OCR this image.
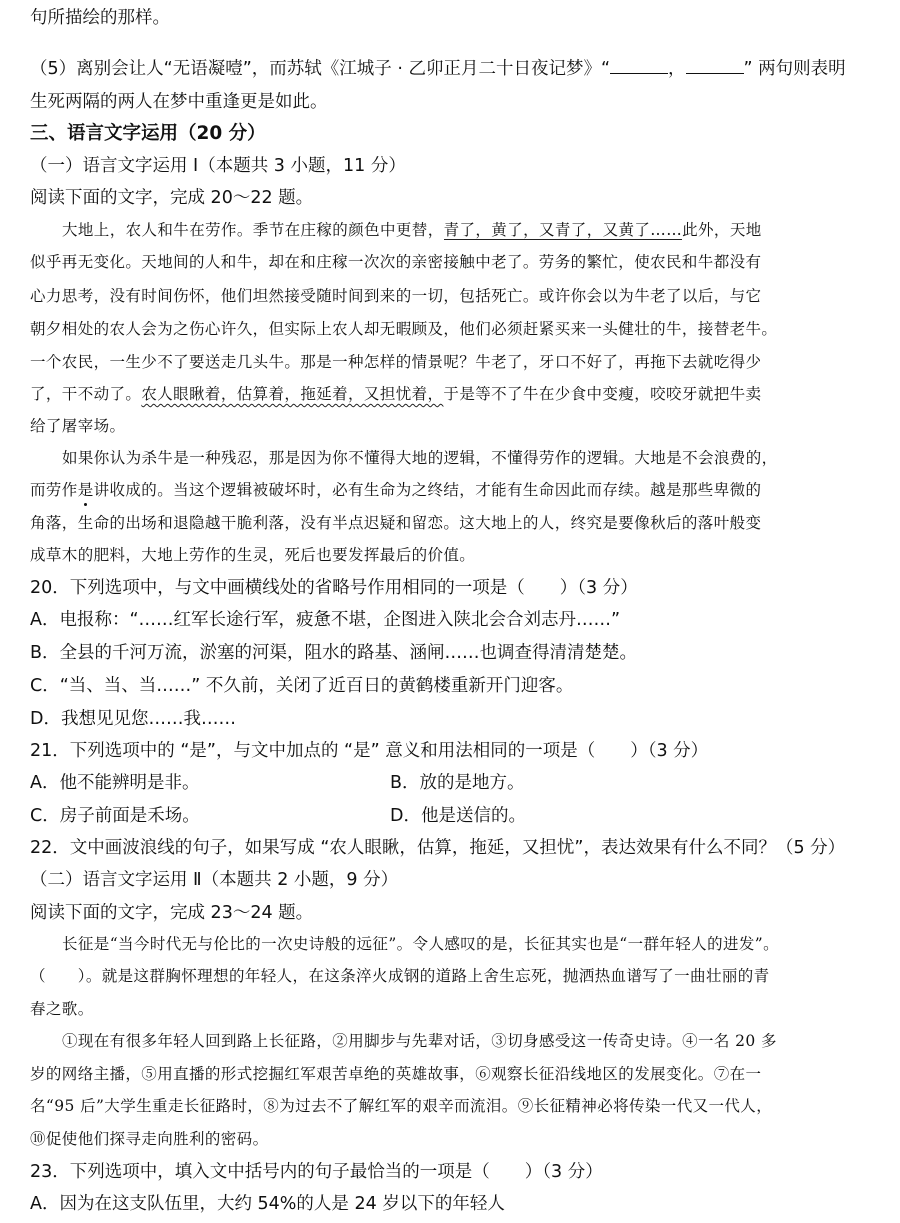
句所描绘的那样。
（5）离别会让人“无语凝噎”，而苏轼《江城子 · 乙卯正月二十日夜记梦》“	，	” 两句则表明
生死两隔的两人在梦中重逢更是如此。
三、语言文字运用（20 分）
（一）语言文字运用 Ⅰ（本题共 3 小题，11 分）
阅读下面的文字，完成 20～22 题。
大地上，农人和牛在劳作。季节在庄稼的颜色中更替，青了，黄了，又青了，又黄了……此外，天地
似乎再无变化。天地间的人和牛，却在和庄稼一次次的亲密接触中老了。劳务的繁忙，使农民和牛都没有
心力思考，没有时间伤怀，他们坦然接受随时间到来的一切，包括死亡。或许你会以为牛老了以后，与它
朝夕相处的农人会为之伤心许久，但实际上农人却无暇顾及，他们必须赶紧买来一头健壮的牛，接替老牛。
一个农民，一生少不了要送走几头牛。那是一种怎样的情景呢？牛老了，牙口不好了，再拖下去就吃得少
了，干不动了。农人眼瞅着，估算着，拖延着，又担忧着，于是等不了牛在少食中变瘦，咬咬牙就把牛卖
给了屠宰场。
如果你认为杀牛是一种残忍，那是因为你不懂得大地的逻辑，不懂得劳作的逻辑。大地是不会浪费的，
而劳作是讲收成的。当这个逻辑被破坏时，必有生命为之终结，才能有生命因此而存续。越是那些卑微的
角落，生命的出场和退隐越干脆利落，没有半点迟疑和留恋。这大地上的人，终究是要像秋后的落叶般变
成草木的肥料，大地上劳作的生灵，死后也要发挥最后的价值。
20．下列选项中，与文中画横线处的省略号作用相同的一项是（　　）（3 分）
A．电报称：“……红军长途行军，疲惫不堪，企图进入陕北会合刘志丹……”
B．全县的千河万流，淤塞的河渠，阻水的路基、涵闸……也调查得清清楚楚。
C．“当、当、当……” 不久前，关闭了近百日的黄鹤楼重新开门迎客。
D．我想见见您……我……
21．下列选项中的 “是”，与文中加点的 “是” 意义和用法相同的一项是（　　）（3 分）
A．他不能辨明是非。	B．放的是地方。
C．房子前面是禾场。	D．他是送信的。
22．文中画波浪线的句子，如果写成 “农人眼瞅，估算，拖延，又担忧”，表达效果有什么不同？（5 分）
（二）语言文字运用 Ⅱ（本题共 2 小题，9 分）
阅读下面的文字，完成 23～24 题。
长征是“当今时代无与伦比的一次史诗般的远征”。令人感叹的是，长征其实也是“一群年轻人的进发”。
（　　）。就是这群胸怀理想的年轻人，在这条淬火成钢的道路上舍生忘死，抛洒热血谱写了一曲壮丽的青
春之歌。
①现在有很多年轻人回到路上长征路，②用脚步与先辈对话，③切身感受这一传奇史诗。④一名 20 多
岁的网络主播，⑤用直播的形式挖掘红军艰苦卓绝的英雄故事，⑥观察长征沿线地区的发展变化。⑦在一
名“95 后”大学生重走长征路时，⑧为过去不了解红军的艰辛而流泪。⑨长征精神必将传染一代又一代人，
⑩促使他们探寻走向胜利的密码。
23．下列选项中，填入文中括号内的句子最恰当的一项是（　　）（3 分）
A．因为在这支队伍里，大约 54%的人是 24 岁以下的年轻人
